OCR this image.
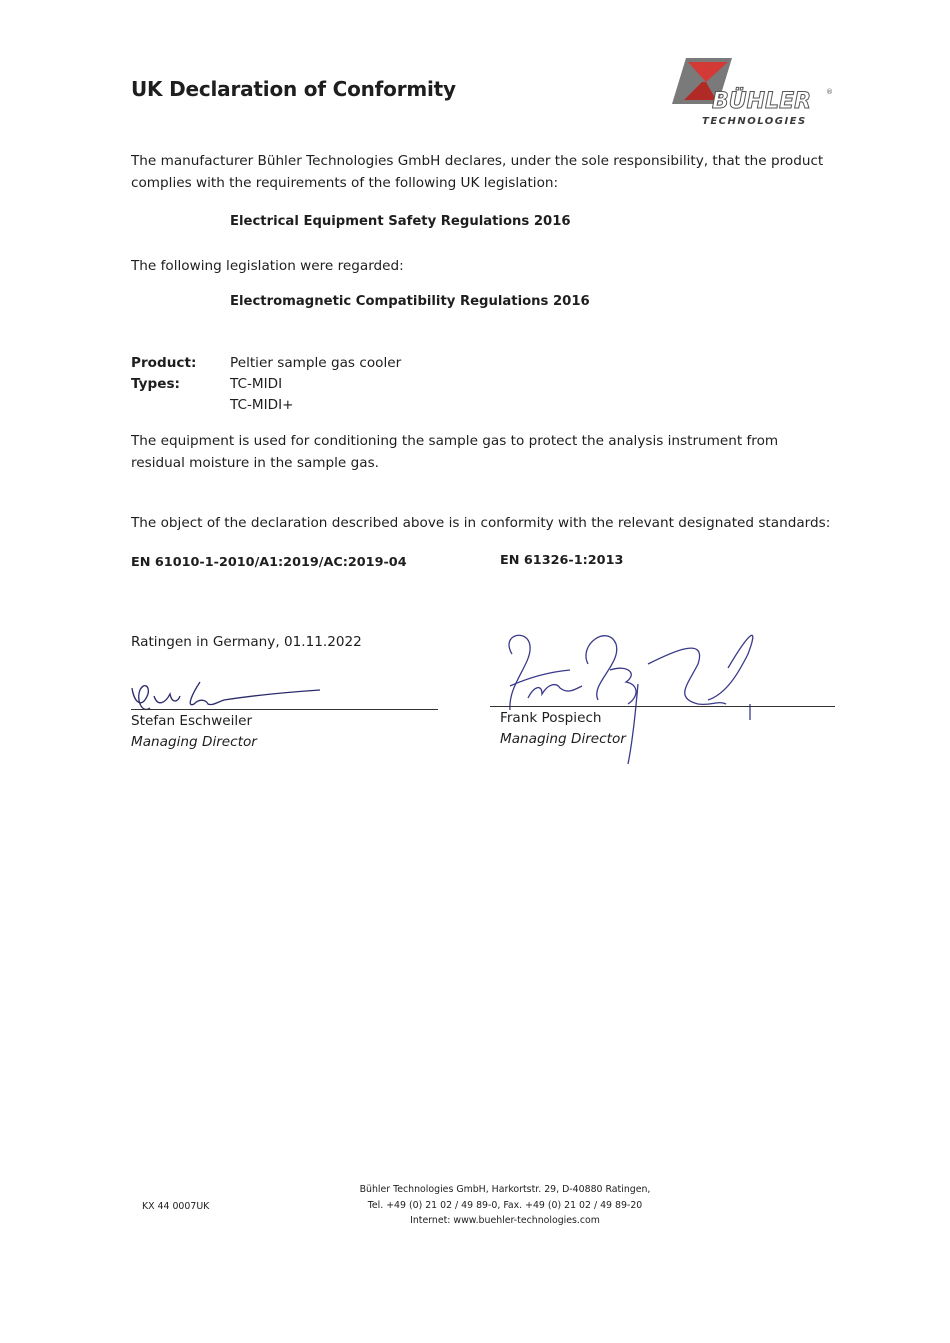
UK Declaration of Conformity	BÜHLER ®
TECHNOLOGIES
The manufacturer Bühler Technologies GmbH declares, under the sole responsibility, that the product
complies with the requirements of the following UK legislation:
Electrical Equipment Safety Regulations 2016
The following legislation were regarded:
Electromagnetic Compatibility Regulations 2016
Product: Peltier sample gas cooler
Types:	TC-MIDI
TC-MIDI+
The equipment is used for conditioning the sample gas to protect the analysis instrument from
residual moisture in the sample gas.
The object of the declaration described above is in conformity with the relevant designated standards:
EN 61010-1-2010/A1:2019/AC:2019-04	EN 61326-1:2013
Ratingen in Germany, 01.11.2022
Stefan Eschweiler
Managing Director
Frank Pospiech
Managing Director
KX 44 0007UK
Bühler Technologies GmbH, Harkortstr. 29, D-40880 Ratingen,
Tel. +49 (0) 21 02 / 49 89-0, Fax. +49 (0) 21 02 / 49 89-20
Internet: www.buehler-technologies.com
